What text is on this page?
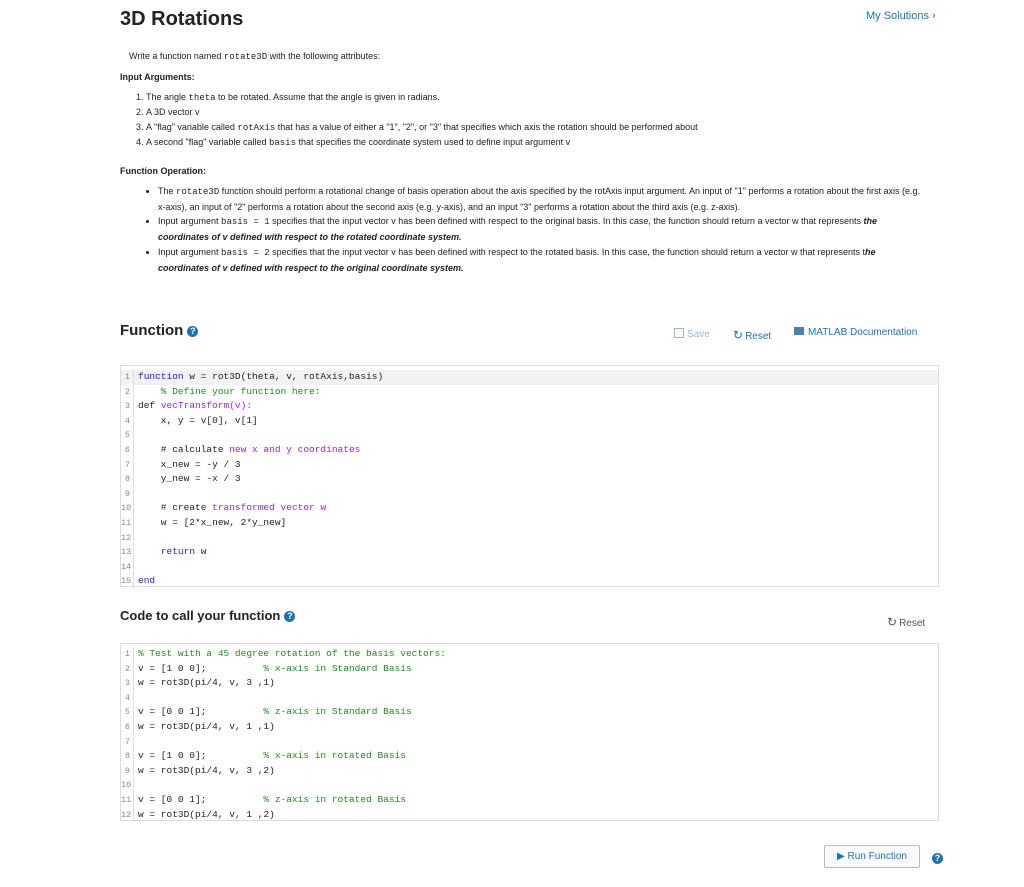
3D Rotations	My Solutions ›
Write a function named rotate3D with the following attributes:
Input Arguments:
1. The angle theta to be rotated. Assume that the angle is given in radians.
2. A 3D vector v
3. A "flag" variable called rotAxis that has a value of either a "1", "2", or "3" that specifies which axis the rotation should be performed about
4. A second "flag" variable called basis that specifies the coordinate system used to define input argument v
Function Operation:
• The rotate3D function should perform a rotational change of basis operation about the axis specified by the rotAxis input argument. An input of "1" performs a rotation about the first axis (e.g. x-axis), an input of "2" performs a rotation about the second axis (e.g. y-axis), and an input "3" performs a rotation about the third axis (e.g. z-axis).
• Input argument basis = 1 specifies that the input vector v has been defined with respect to the original basis. In this case, the function should return a vector w that represents the coordinates of v defined with respect to the rotated coordinate system.
• Input argument basis = 2 specifies that the input vector v has been defined with respect to the rotated basis. In this case, the function should return a vector w that represents the coordinates of v defined with respect to the original coordinate system.
Function ?	Save ↻ Reset	MATLAB Documentation
1 function w = rot3D(theta, v, rotAxis,basis)
2 % Define your function here:
3 def vecTransform(v):
4 x, y = v[0], v[1]
5
6 # calculate new x and y coordinates
7 x_new = -y / 3
8 y_new = -x / 3
9
10 # create transformed vector w
11 w = [2*x_new, 2*y_new]
12
13
	return w
14
15 end
Code to call your function ?	↻ Reset
1 % Test with a 45 degree rotation of the basis vectors:
2 v = [1 0 0]; % x-axis in Standard Basis
3 w = rot3D(pi/4, v, 3 ,1)
4
5 v = [0 0 1]; % z-axis in Standard Basis
6 w = rot3D(pi/4, v, 1 ,1)
7
8 v = [1 0 0]; % x-axis in rotated Basis
9 w = rot3D(pi/4, v, 3 ,2)
10
11 v = [0 0 1]; % z-axis in rotated Basis
12 w = rot3D(pi/4, v, 1 ,2)
▶ Run Function	?
